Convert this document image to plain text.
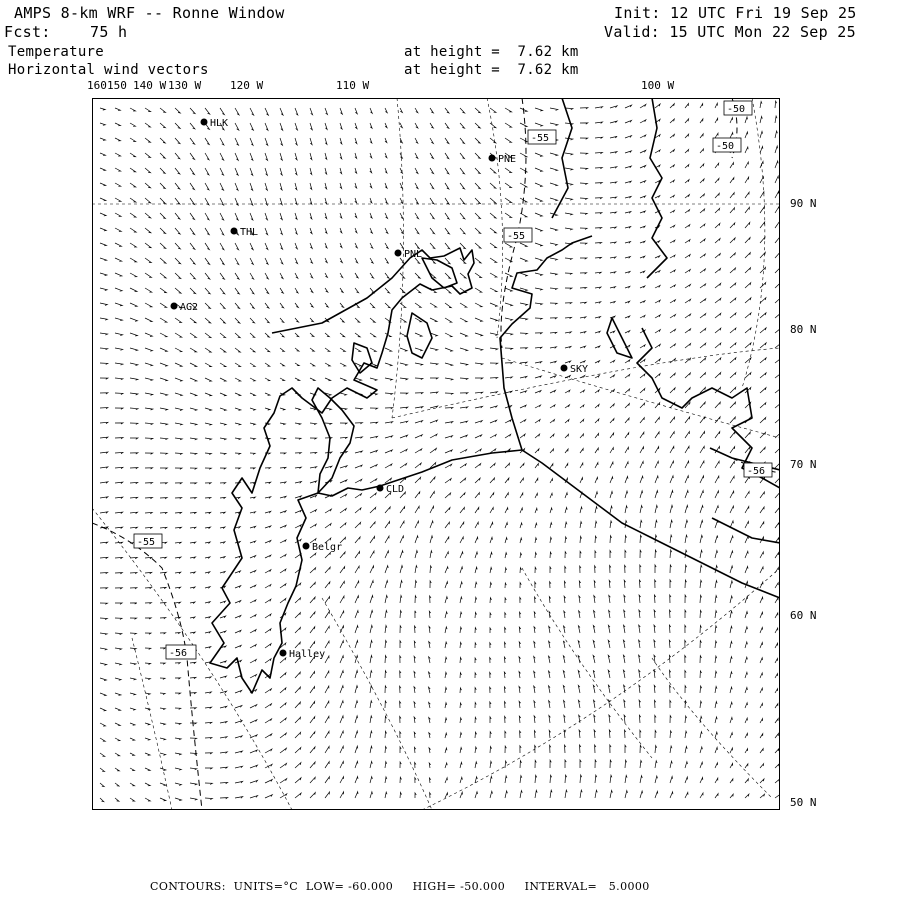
AMPS 8-km WRF -- Ronne Window
Fcst:	75 h
Temperature
Horizontal wind vectors
at height =  7.62 km
at height =  7.62 km
Init: 12 UTC Fri 19 Sep 25
Valid: 15 UTC Mon 22 Sep 25
160 150 140 W 130 W	120 W	110 W	100 W
90 N
80 N
70 N
60 N
50 N
-50
-50
-55
-55
-55
-56
-56
HLK
PNE
THL
PNL
AG2
SKY
CLD
Belgr
Halley
CONTOURS:  UNITS=°C  LOW= -60.000     HIGH= -50.000     INTERVAL=   5.0000
